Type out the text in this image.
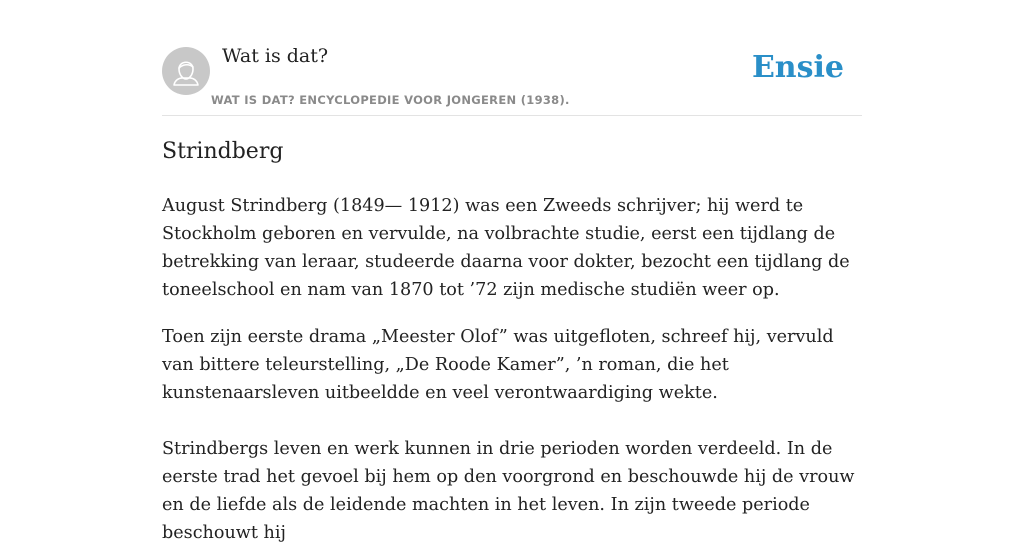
Wat is dat?
WAT IS DAT? ENCYCLOPEDIE VOOR JONGEREN (1938).
Ensie
Strindberg

August Strindberg (1849— 1912) was een Zweeds schrijver; hij werd te Stockholm geboren en vervulde, na volbrachte studie, eerst een tijdlang de betrekking van leraar, studeerde daarna voor dokter, bezocht een tijdlang de toneelschool en nam van 1870 tot ’72 zijn medische studiën weer op.

Toen zijn eerste drama „Meester Olof” was uitgefloten, schreef hij, vervuld van bittere teleurstelling, „De Roode Kamer”, ’n roman, die het kunstenaarsleven uitbeeldde en veel verontwaardiging wekte.

Strindbergs leven en werk kunnen in drie perioden worden verdeeld. In de eerste trad het gevoel bij hem op den voorgrond en beschouwde hij de vrouw en de liefde als de leidende machten in het leven. In zijn tweede periode beschouwt hij
